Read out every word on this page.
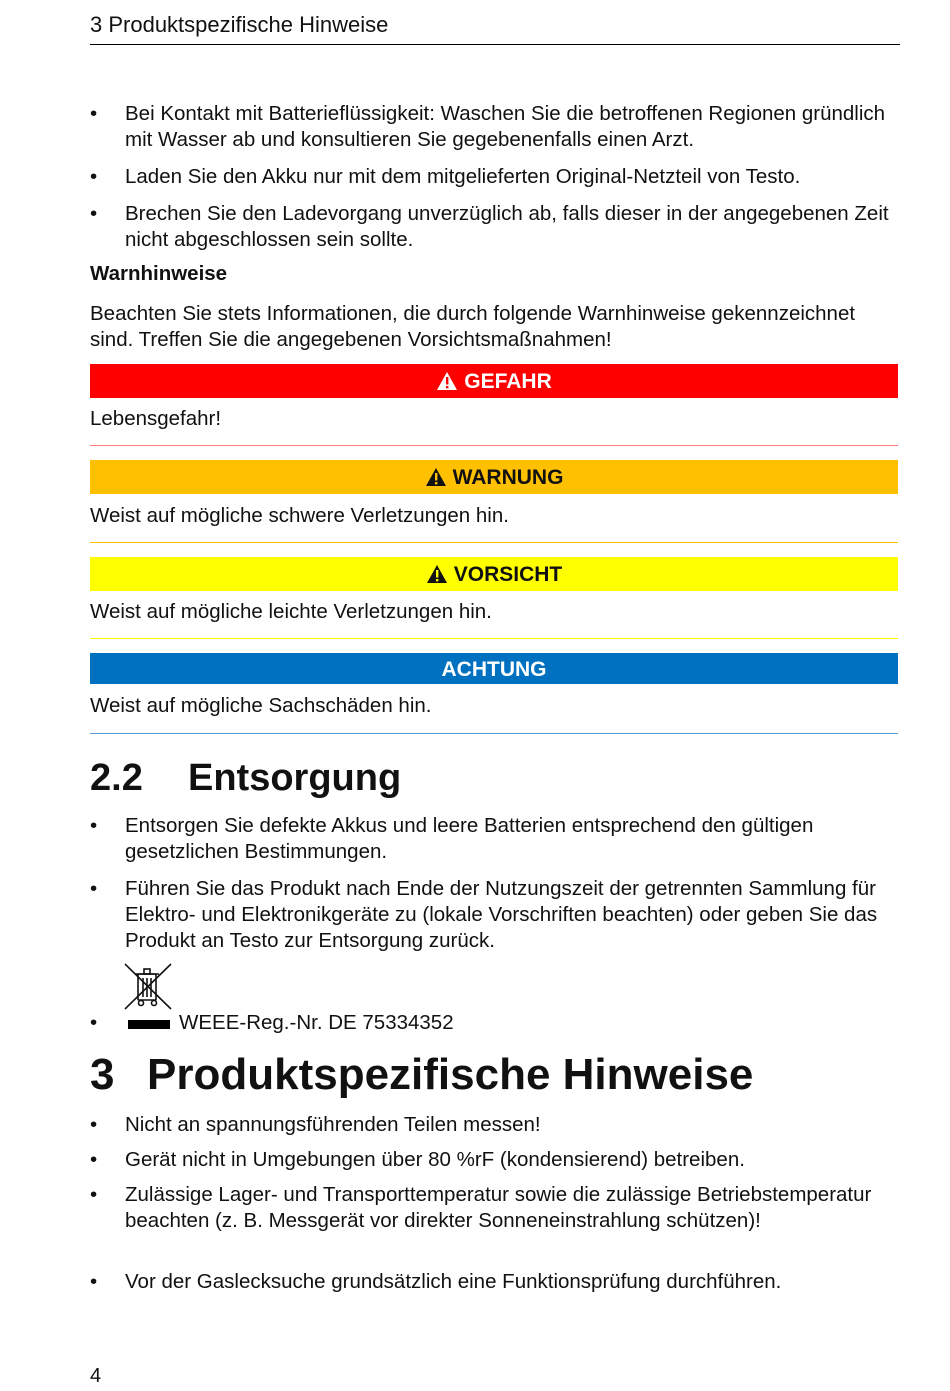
3 Produktspezifische Hinweise
•	Bei Kontakt mit Batterieflüssigkeit: Waschen Sie die betroffenen Regionen gründlich mit Wasser ab und konsultieren Sie gegebenenfalls einen Arzt.
•	Laden Sie den Akku nur mit dem mitgelieferten Original-Netzteil von Testo.
•	Brechen Sie den Ladevorgang unverzüglich ab, falls dieser in der angegebenen Zeit nicht abgeschlossen sein sollte.
Warnhinweise
Beachten Sie stets Informationen, die durch folgende Warnhinweise gekennzeichnet sind. Treffen Sie die angegebenen Vorsichtsmaßnahmen!
GEFAHR
Lebensgefahr!
WARNUNG
Weist auf mögliche schwere Verletzungen hin.
VORSICHT
Weist auf mögliche leichte Verletzungen hin.
ACHTUNG
Weist auf mögliche Sachschäden hin.
2.2 Entsorgung
•	Entsorgen Sie defekte Akkus und leere Batterien entsprechend den gültigen gesetzlichen Bestimmungen.
•	Führen Sie das Produkt nach Ende der Nutzungszeit der getrennten Sammlung für Elektro- und Elektronikgeräte zu (lokale Vorschriften beachten) oder geben Sie das Produkt an Testo zur Entsorgung zurück.
•	WEEE-Reg.-Nr. DE 75334352
3 Produktspezifische Hinweise
•	Nicht an spannungsführenden Teilen messen!
•	Gerät nicht in Umgebungen über 80 %rF (kondensierend) betreiben.
•	Zulässige Lager- und Transporttemperatur sowie die zulässige Betriebstemperatur beachten (z. B. Messgerät vor direkter Sonneneinstrahlung schützen)!
•	Vor der Gaslecksuche grundsätzlich eine Funktionsprüfung durchführen.
4
